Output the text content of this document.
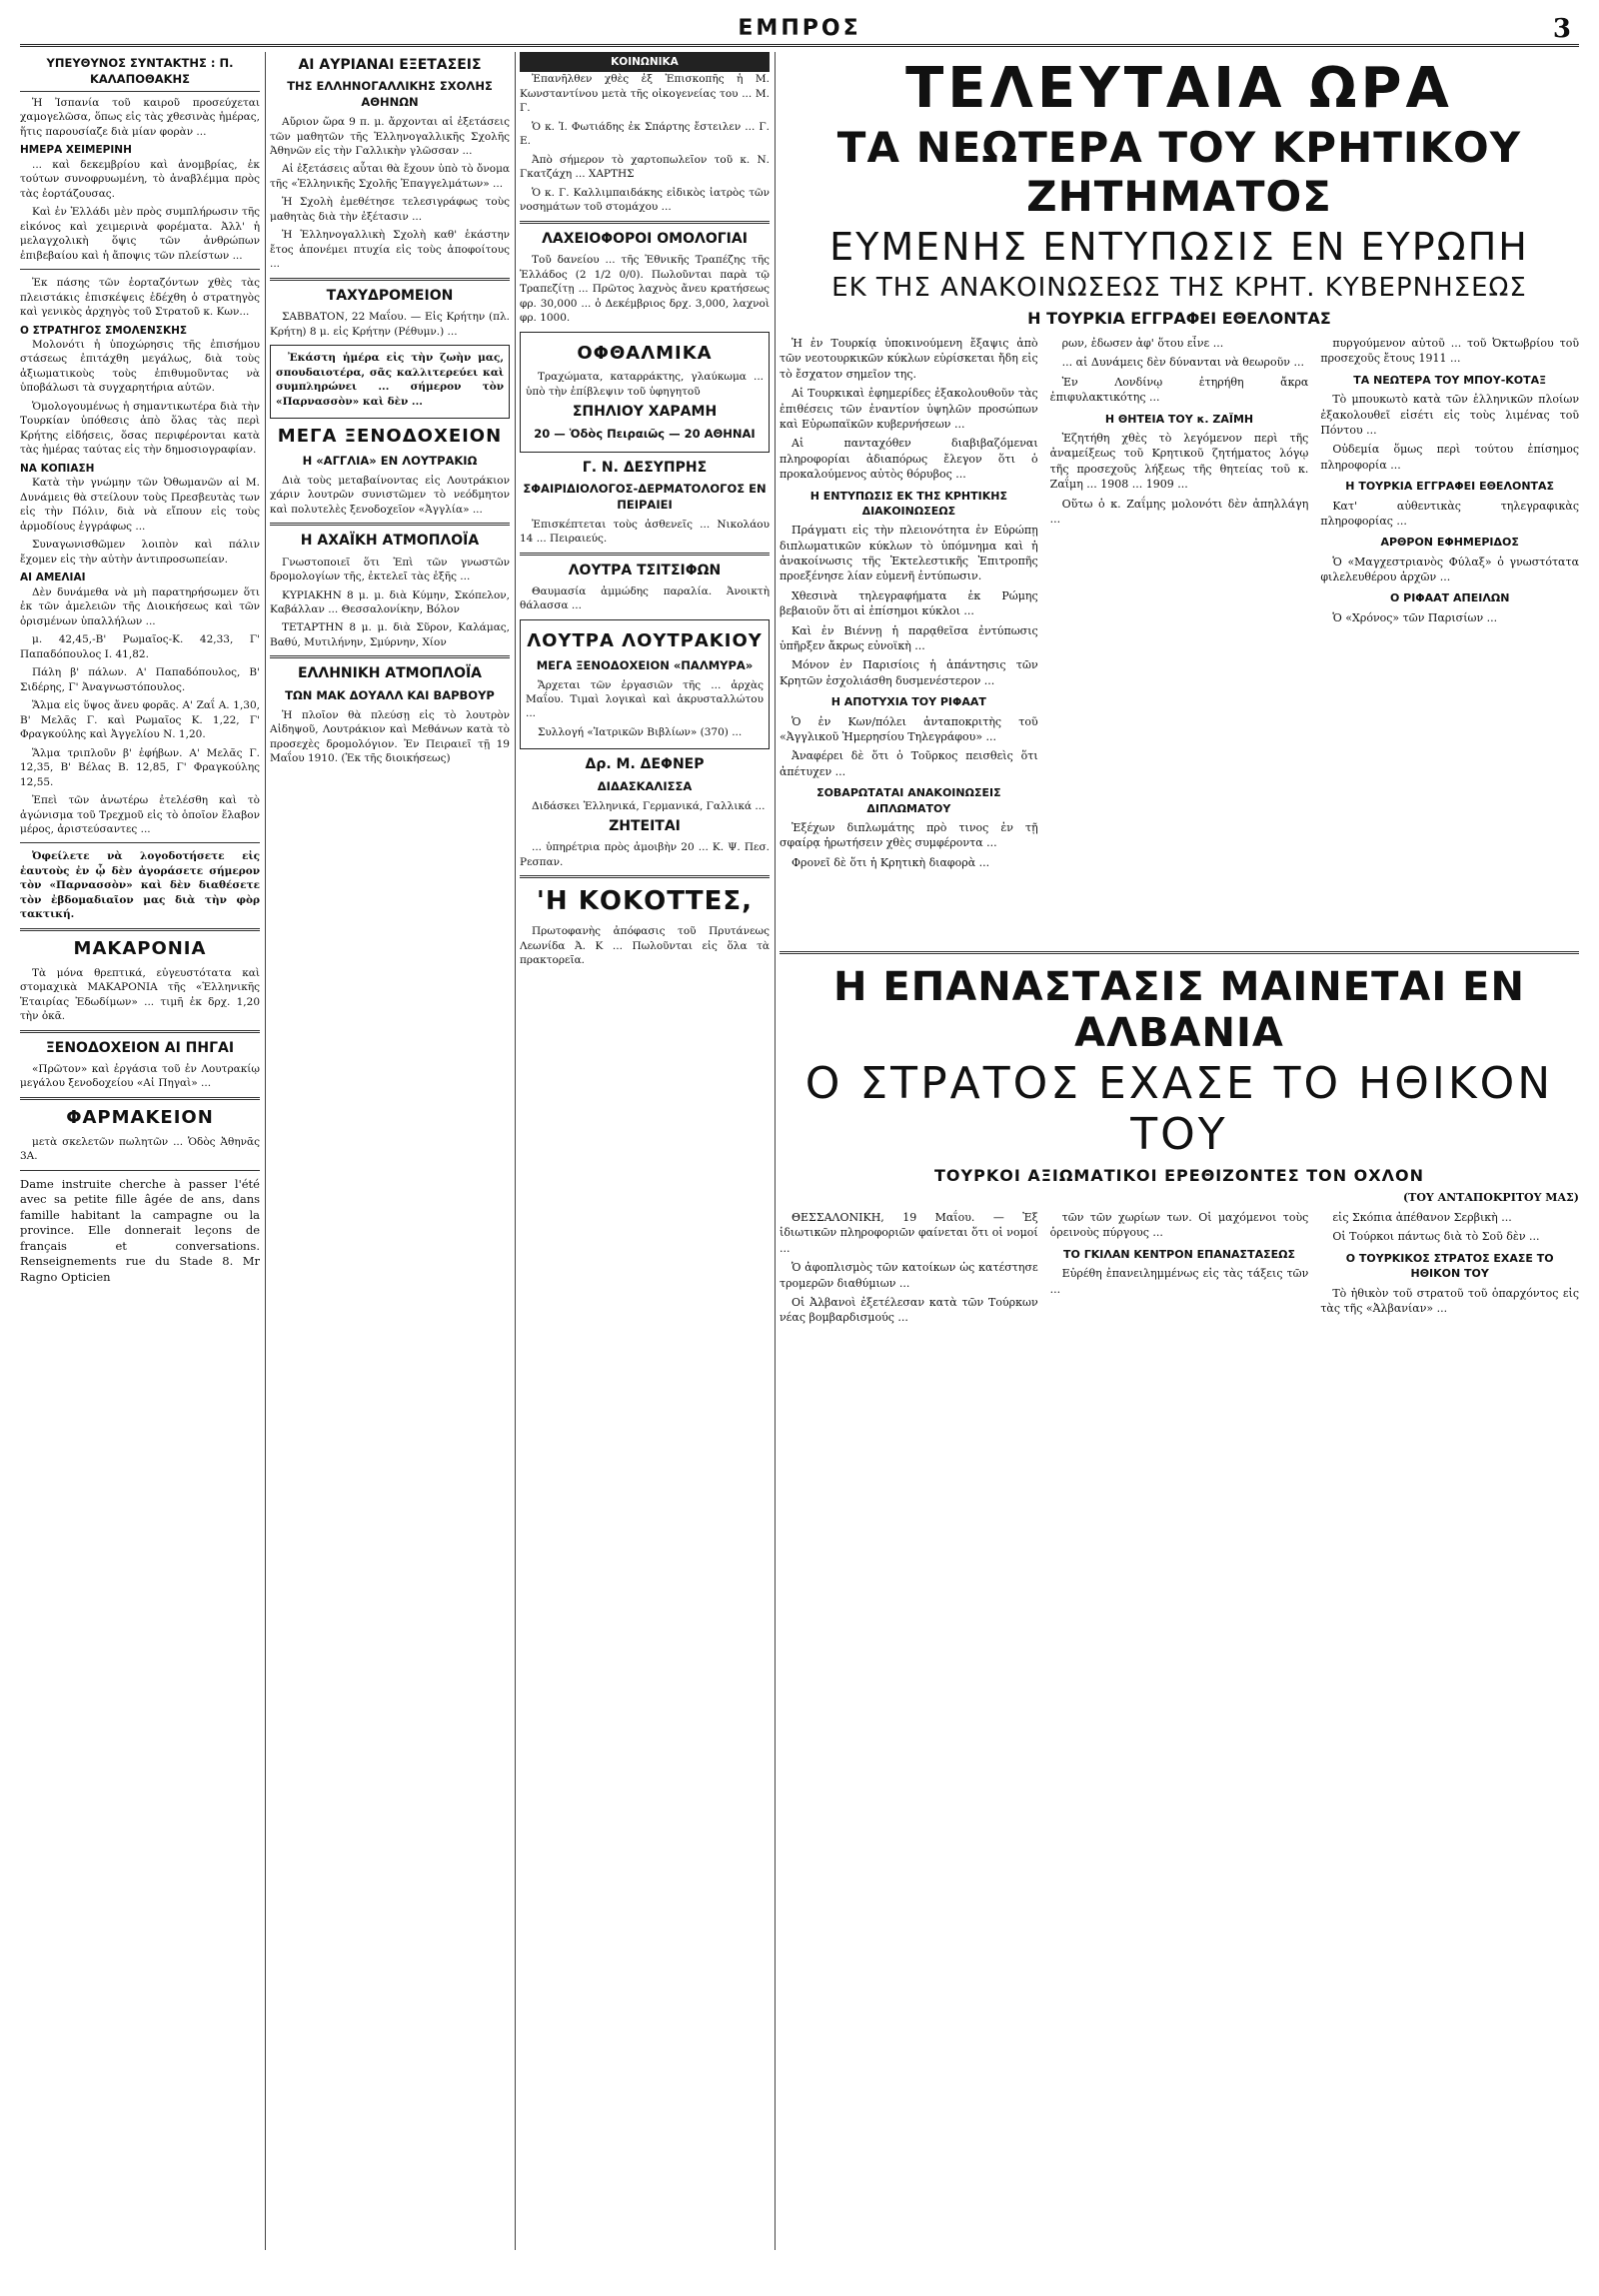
ΕΜΠΡΟΣ	3
ΥΠΕΥΘΥΝΟΣ ΣΥΝΤΑΚΤΗΣ : Π. ΚΑΛΑΠΟΘΑΚΗΣ

Ἡ Ἰσπανία τοῦ καιροῦ προσεύχεται χαμογελῶσα, ὅπως εἰς τὰς χθεσινὰς ἡμέρας, ἥτις παρουσίαζε διὰ μίαν φορὰν ...

ΗΜΕΡΑ ΧΕΙΜΕΡΙΝΗ

... καὶ δεκεμβρίου καὶ ἀνομβρίας, ἐκ τούτων συνοφρυωμένη, τὸ ἀναβλέμμα πρὸς τὰς ἐορτάζουσας.

Καὶ ἐν Ἑλλάδι μὲν πρὸς συμπλήρωσιν τῆς εἰκόνος καὶ χειμερινὰ φορέματα. Ἀλλ' ἡ μελαγχολικὴ ὅψις τῶν ἀνθρώπων ἐπιβεβαίου καὶ ἡ ἄποψις τῶν πλείστων ...

Ἐκ πάσης τῶν ἐορταζόντων χθὲς τὰς πλειστάκις ἐπισκέψεις ἐδέχθη ὁ στρατηγὸς καὶ γενικὸς ἀρχηγὸς τοῦ Στρατοῦ κ. Κων...

Ο ΣΤΡΑΤΗΓΟΣ ΣΜΟΛΕΝΣΚΗΣ

Μολονότι ἡ ὑποχώρησις τῆς ἐπισήμου στάσεως ἐπιτάχθη μεγάλως, διὰ τοὺς ἀξιωματικοὺς τοὺς ἐπιθυμοῦντας νὰ ὑποβάλωσι τὰ συγχαρητήρια αὐτῶν.

Ὁμολογουμένως ἡ σημαντικωτέρα διὰ τὴν Τουρκίαν ὑπόθεσις ἀπὸ ὅλας τὰς περὶ Κρήτης εἰδήσεις, ὅσας περιφέρονται κατὰ τὰς ἡμέρας ταύτας εἰς τὴν δημοσιογραφίαν.

ΝΑ ΚΟΠΙΑΣΗ

Κατὰ τὴν γνώμην τῶν Ὀθωμανῶν αἱ Μ. Δυνάμεις θὰ στείλουν τοὺς Πρεσβευτὰς των εἰς τὴν Πόλιν, διὰ νὰ εἴπουν εἰς τοὺς ἁρμοδίους ἐγγράφως ...

Συναγωνισθῶμεν λοιπὸν καὶ πάλιν ἔχομεν εἰς τὴν αὐτὴν ἀντιπροσωπείαν.

ΑΙ ΑΜΕΛΙΑΙ

Δὲν δυνάμεθα νὰ μὴ παρατηρήσωμεν ὅτι ἐκ τῶν ἀμελειῶν τῆς Διοικήσεως καὶ τῶν ὀρισμένων ὑπαλλήλων ...

μ. 42,45,-Β' Ρωμαῖος-Κ. 42,33, Γ' Παπαδόπουλος Ι. 41,82.

Πάλη β' πάλων. Α' Παπαδόπουλος, Β' Σιδέρης, Γ' Ἀναγνωστόπουλος.

Ἅλμα εἰς ὕψος ἄνευ φορᾶς. Α' Ζαΐ Α. 1,30, Β' Μελᾶς Γ. καὶ Ρωμαῖος Κ. 1,22, Γ' Φραγκούλης καὶ Ἀγγελίου Ν. 1,20.

Ἅλμα τριπλοῦν β' ἐφήβων. Α' Μελᾶς Γ. 12,35, Β' Βέλας Β. 12,85, Γ' Φραγκούλης 12,55.

Ἐπεὶ τῶν ἀνωτέρω ἐτελέσθη καὶ τὸ ἀγώνισμα τοῦ Τρεχμοῦ εἰς τὸ ὁποῖον ἔλαβον μέρος, ἀριστεύσαντες ...

Ὀφείλετε νὰ λογοδοτήσετε εἰς ἑαυτοὺς ἐν ᾧ δὲν ἀγοράσετε σήμερον τὸν «Παρνασσὸν» καὶ δὲν διαθέσετε τὸν ἐβδομαδιαῖον μας διὰ τὴν φὸρ τακτική.

ΜΑΚΑΡΟΝΙΑ

Τὰ μόνα θρεπτικά, εὐγευστότατα καὶ στομαχικὰ ΜΑΚΑΡΟΝΙΑ τῆς «Ἑλληνικῆς Ἑταιρίας Ἐδωδίμων» ... τιμῆ ἐκ δρχ. 1,20 τὴν ὀκᾶ.

ΞΕΝΟΔΟΧΕΙΟΝ ΑΙ ΠΗΓΑΙ

«Πρῶτον» καὶ ἐργάσια τοῦ ἐν Λουτρακίῳ μεγάλου ξενοδοχείου «Αἱ Πηγαὶ» ...

ΦΑΡΜΑΚΕΙΟΝ

μετὰ σκελετῶν πωλητῶν ... Ὁδὸς Ἀθηνᾶς 3Α.

Dame instruite cherche à passer l'été avec sa petite fille âgée de ans, dans famille habitant la campagne ou la province. Elle donnerait leçons de français et conversations. Renseignements rue du Stade 8. Mr Ragno Opticien
ΑΙ ΑΥΡΙΑΝΑΙ ΕΞΕΤΑΣΕΙΣ
ΤΗΣ ΕΛΛΗΝΟΓΑΛΛΙΚΗΣ ΣΧΟΛΗΣ ΑΘΗΝΩΝ

Αὔριον ὥρα 9 π. μ. ἄρχονται αἱ ἐξετάσεις τῶν μαθητῶν τῆς Ἑλληνογαλλικῆς Σχολῆς Ἀθηνῶν εἰς τὴν Γαλλικὴν γλῶσσαν ...

Αἱ ἐξετάσεις αὗται θὰ ἔχουν ὑπὸ τὸ ὄνομα τῆς «Ἑλληνικῆς Σχολῆς Ἐπαγγελμάτων» ...

Ἡ Σχολὴ ἐμεθέτησε τελεσιγράφως τοὺς μαθητὰς διὰ τὴν ἐξέτασιν ...

Ἡ Ἑλληνογαλλικὴ Σχολὴ καθ' ἑκάστην ἔτος ἀπονέμει πτυχία εἰς τοὺς ἀποφοίτους ...

ΤΑΧΥΔΡΟΜΕΙΟΝ

ΣΑΒΒΑΤΟΝ, 22 Μαΐου. — Εἰς Κρήτην (πλ. Κρήτη) 8 μ. εἰς Κρήτην (Ρέθυμν.) ...

Ἐκάστη ἡμέρα εἰς τὴν ζωὴν μας, σπουδαιοτέρα, σᾶς καλλιτερεύει καὶ συμπληρώνει ... σήμερον τὸν «Παρνασσὸν» καὶ δὲν ...

ΜΕΓΑ ΞΕΝΟΔΟΧΕΙΟΝ
Η «ΑΓΓΛΙΑ» ΕΝ ΛΟΥΤΡΑΚΙΩ

Διὰ τοὺς μεταβαίνοντας εἰς Λουτράκιον χάριν λουτρῶν συνιστῶμεν τὸ νεόδμητον καὶ πολυτελὲς ξενοδοχεῖον «Ἀγγλία» ...

Η ΑΧΑΪΚΗ ΑΤΜΟΠΛΟΪΑ

Γνωστοποιεῖ ὅτι Ἐπὶ τῶν γνωστῶν δρομολογίων τῆς, ἐκτελεῖ τὰς ἑξῆς ...

ΚΥΡΙΑΚΗΝ 8 μ. μ. διὰ Κύμην, Σκόπελον, Καβάλλαν ... Θεσσαλονίκην, Βόλον

ΤΕΤΑΡΤΗΝ 8 μ. μ. διὰ Σῦρον, Καλάμας, Βαθύ, Μυτιλήνην, Σμύρνην, Χίον

ΕΛΛΗΝΙΚΗ ΑΤΜΟΠΛΟΪΑ
ΤΩΝ ΜΑΚ ΔΟΥΑΛΛ ΚΑΙ ΒΑΡΒΟΥΡ

Ἡ πλοῖον θὰ πλεύσῃ εἰς τὸ λουτρὸν Αἰδηψοῦ, Λουτράκιον καὶ Μεθάνων κατὰ τὸ προσεχὲς δρομολόγιον. Ἐν Πειραιεῖ τῇ 19 Μαΐου 1910. (Ἐκ τῆς διοικήσεως)

ΚΟΙΝΩΝΙΚΑ

Ἐπανῆλθεν χθὲς ἐξ Ἐπισκοπῆς ἡ Μ. Κωνσταντίνου μετὰ τῆς οἰκογενείας του ... Μ. Γ.

Ὁ κ. Ἰ. Φωτιάδης ἐκ Σπάρτης ἔστειλεν ... Γ. Ε.

Ἀπὸ σήμερον τὸ χαρτοπωλεῖον τοῦ κ. Ν. Γκατζάχη ... ΧΑΡΤΗΣ

Ὁ κ. Γ. Καλλιμπαιδάκης εἰδικὸς ἰατρὸς τῶν νοσημάτων τοῦ στομάχου ...

ΛΑΧΕΙΟΦΟΡΟΙ ΟΜΟΛΟΓΙΑΙ

Τοῦ δανείου ... τῆς Ἐθνικῆς Τραπέζης τῆς Ἑλλάδος (2 1/2 0/0). Πωλοῦνται παρὰ τῷ Τραπεζίτῃ ... Πρῶτος λαχνὸς ἄνευ κρατήσεως φρ. 30,000 ... ὁ Δεκέμβριος δρχ. 3,000, λαχνοὶ φρ. 1000.

ΟΦΘΑΛΜΙΚΑ

Τραχώματα, καταρράκτης, γλαύκωμα ... ὑπὸ τὴν ἐπίβλεψιν τοῦ ὑφηγητοῦ

ΣΠΗΛΙΟΥ ΧΑΡΑΜΗ
20 — Ὁδὸς Πειραιῶς — 20 ΑΘΗΝΑΙ
Γ. Ν. ΔΕΣΥΠΡΗΣ
ΣΦΑΙΡΙΔΙΟΛΟΓΟΣ-ΔΕΡΜΑΤΟΛΟΓΟΣ ΕΝ ΠΕΙΡΑΙΕΙ

Ἐπισκέπτεται τοὺς ἀσθενεῖς ... Νικολάου 14 ... Πειραιεύς.

ΛΟΥΤΡΑ ΤΣΙΤΣΙΦΩΝ

Θαυμασία ἀμμώδης παραλία. Ἀνοικτὴ θάλασσα ...

ΛΟΥΤΡΑ ΛΟΥΤΡΑΚΙΟΥ
ΜΕΓΑ ΞΕΝΟΔΟΧΕΙΟΝ «ΠΑΛΜΥΡΑ»

Ἄρχεται τῶν ἐργασιῶν τῆς ... ἀρχὰς Μαΐου. Τιμαὶ λογικαὶ καὶ ἀκρυσταλλώτου ...

Συλλογή «Ἰατρικῶν Βιβλίων» (370) ...

Δρ. Μ. ΔΕΦΝΕΡ
ΔΙΔΑΣΚΑΛΙΣΣΑ

Διδάσκει Ἑλληνικά, Γερμανικά, Γαλλικά ...

ΖΗΤΕΙΤΑΙ

... ὑπηρέτρια πρὸς ἀμοιβὴν 20 ... Κ. Ψ. Πεσ. Ρεσπαν.

'Η ΚΟΚΟΤΤΕΣ,

Πρωτοφανὴς ἀπόφασις τοῦ Πρυτάνεως Λεωνίδα Ἀ. Κ ... Πωλοῦνται εἰς ὅλα τὰ πρακτορεῖα.

ΤΕΛΕΥΤΑΙΑ ΩΡΑ
ΤΑ ΝΕΩΤΕΡΑ ΤΟΥ ΚΡΗΤΙΚΟΥ ΖΗΤΗΜΑΤΟΣ
ΕΥΜΕΝΗΣ ΕΝΤΥΠΩΣΙΣ ΕΝ ΕΥΡΩΠΗ
ΕΚ ΤΗΣ ΑΝΑΚΟΙΝΩΣΕΩΣ ΤΗΣ ΚΡΗΤ. ΚΥΒΕΡΝΗΣΕΩΣ
Η ΤΟΥΡΚΙΑ ΕΓΓΡΑΦΕΙ ΕΘΕΛΟΝΤΑΣ

Ἡ ἐν Τουρκίᾳ ὑποκινούμενη ἔξαψις ἀπὸ τῶν νεοτουρκικῶν κύκλων εὑρίσκεται ἤδη εἰς τὸ ἔσχατον σημεῖον της.

Αἱ Τουρκικαὶ ἐφημερίδες ἐξακολουθοῦν τὰς ἐπιθέσεις τῶν ἐναντίον ὑψηλῶν προσώπων καὶ Εὐρωπαϊκῶν κυβερνήσεων ...

Αἱ πανταχόθεν διαβιβαζόμεναι πληροφορίαι ἀδιαπόρως ἔλεγον ὅτι ὁ προκαλούμενος αὐτὸς θόρυβος ...

Η ΕΝΤΥΠΩΣΙΣ ΕΚ ΤΗΣ ΚΡΗΤΙΚΗΣ ΔΙΑΚΟΙΝΩΣΕΩΣ

Πράγματι εἰς τὴν πλειονότητα ἐν Εὐρώπῃ διπλωματικῶν κύκλων τὸ ὑπόμνημα καὶ ἡ ἀνακοίνωσις τῆς Ἐκτελεστικῆς Ἐπιτροπῆς προεξένησε λίαν εὐμενῆ ἐντύπωσιν.

Χθεσινὰ τηλεγραφήματα ἐκ Ρώμης βεβαιοῦν ὅτι αἱ ἐπίσημοι κύκλοι ...

Καὶ ἐν Βιέννῃ ἡ παρᾳθεῖσα ἐντύπωσις ὑπῆρξεν ἄκρως εὐνοϊκὴ ...

Μόνον ἐν Παρισίοις ἡ ἀπάντησις τῶν Κρητῶν ἐσχολιάσθη δυσμενέστερον ...

Η ΑΠΟΤΥΧΙΑ ΤΟΥ ΡΙΦΑΑΤ

Ὁ ἐν Κων/πόλει ἀνταποκριτὴς τοῦ «Ἀγγλικοῦ Ἡμερησίου Τηλεγράφου» ...

Ἀναφέρει δὲ ὅτι ὁ Τοῦρκος πεισθεὶς ὅτι ἀπέτυχεν ...

ΣΟΒΑΡΩΤΑΤΑΙ ΑΝΑΚΟΙΝΩΣΕΙΣ ΔΙΠΛΩΜΑΤΟΥ

Ἐξέχων διπλωμάτης πρὸ τινος ἐν τῇ σφαίρᾳ ἠρωτήσειν χθὲς συμφέροντα ...

Φρονεῖ δὲ ὅτι ἡ Κρητικὴ διαφορὰ ...

ρων, ἐδωσεν ἀφ' ὅτου εἶνε ...

... αἱ Δυνάμεις δὲν δύνανται νὰ θεωροῦν ...

Ἐν Λονδίνῳ ἐτηρήθη ἄκρα ἐπιφυλακτικότης ...

Η ΘΗΤΕΙΑ ΤΟΥ κ. ΖΑΪΜΗ

Ἐζητήθη χθὲς τὸ λεγόμενον περὶ τῆς ἀναμείξεως τοῦ Κρητικοῦ ζητήματος λόγῳ τῆς προσεχοῦς λήξεως τῆς θητείας τοῦ κ. Ζαΐμη ... 1908 ... 1909 ...

Οὕτω ὁ κ. Ζαΐμης μολονότι δὲν ἀπηλλάγη ...

πυργούμενον αὐτοῦ ... τοῦ Ὀκτωβρίου τοῦ προσεχοῦς ἔτους 1911 ...

ΤΑ ΝΕΩΤΕΡΑ ΤΟΥ ΜΠΟΥ-ΚΟΤΑΞ

Τὸ μπουκωτὸ κατὰ τῶν ἑλληνικῶν πλοίων ἐξακολουθεῖ εἰσέτι εἰς τοὺς λιμένας τοῦ Πόντου ...

Οὐδεμία ὅμως περὶ τούτου ἐπίσημος πληροφορία ...

Η ΤΟΥΡΚΙΑ ΕΓΓΡΑΦΕΙ ΕΘΕΛΟΝΤΑΣ

Κατ' αὐθεντικὰς τηλεγραφικὰς πληροφορίας ...

ΑΡΘΡΟΝ ΕΦΗΜΕΡΙΔΟΣ

Ὁ «Μαγχεστριανὸς Φύλαξ» ὁ γνωστότατα φιλελευθέρου ἀρχῶν ...

Ο ΡΙΦΑΑΤ ΑΠΕΙΛΩΝ

Ὁ «Χρόνος» τῶν Παρισίων ...

Η ΕΠΑΝΑΣΤΑΣΙΣ ΜΑΙΝΕΤΑΙ ΕΝ ΑΛΒΑΝΙΑ
Ο ΣΤΡΑΤΟΣ ΕΧΑΣΕ ΤΟ ΗΘΙΚΟΝ ΤΟΥ
ΤΟΥΡΚΟΙ ΑΞΙΩΜΑΤΙΚΟΙ ΕΡΕΘΙΖΟΝΤΕΣ ΤΟΝ ΟΧΛΟΝ
(ΤΟΥ ΑΝΤΑΠΟΚΡΙΤΟΥ ΜΑΣ)

ΘΕΣΣΑΛΟΝΙΚΗ, 19 Μαΐου. — Ἐξ ἰδιωτικῶν πληροφοριῶν φαίνεται ὅτι οἱ νομοί ...

Ὁ ἀφοπλισμὸς τῶν κατοίκων ὡς κατέστησε τρομερῶν διαθύμιων ...

Οἱ Ἀλβανοὶ ἐξετέλεσαν κατὰ τῶν Τούρκων νέας βομβαρδισμούς ...

τῶν τῶν χωρίων των. Οἱ μαχόμενοι τοὺς ὁρεινοὺς πύργους ...

ΤΟ ΓΚΙΛΑΝ ΚΕΝΤΡΟΝ ΕΠΑΝΑΣΤΑΣΕΩΣ

Εὐρέθη ἐπανειλημμένως εἰς τὰς τάξεις τῶν ...

εἰς Σκόπια ἀπέθανον Σερβικὴ ...

Οἱ Τούρκοι πάντως διὰ τὸ Σοῦ δὲν ...

Ο ΤΟΥΡΚΙΚΟΣ ΣΤΡΑΤΟΣ ΕΧΑΣΕ ΤΟ ΗΘΙΚΟΝ ΤΟΥ

Τὸ ἠθικὸν τοῦ στρατοῦ τοῦ ὁπαρχόντος εἰς τὰς τῆς «Ἀλβανίαν» ...
